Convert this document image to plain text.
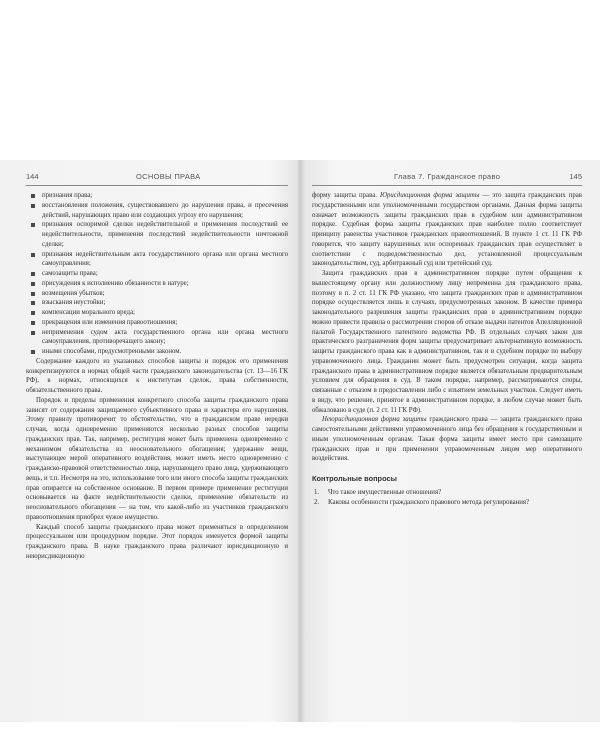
144	ОСНОВЫ ПРАВА
признания права;
восстановления положения, существовавшего до нарушения права, и пресечения действий, нарушающих право или создающих угрозу его нарушения;
признания оспоримой сделки недействительной и применения последствий ее недействительности, применения последствий недействительности ничтожной сделки;
признания недействительным акта государственного органа или органа местного самоуправления;
самозащиты права;
присуждения к исполнению обязанности в натуре;
возмещения убытков;
взыскания неустойки;
компенсации морального вреда;
прекращения или изменения правоотношения;
неприменения судом акта государственного органа или органа местного самоуправления, противоречащего закону;
иными способами, предусмотренными законом.

Содержание каждого из указанных способов защиты и порядок его применения конкретизируются в нормах общей части гражданского законодательства (ст. 13—16 ГК РФ), в нормах, относящихся к институтам сделок, права собственности, обязательственного права.

Порядок и пределы применения конкретного способа защиты гражданского права зависят от содержания защищаемого субъективного права и характера его нарушения. Этому правилу противоречит то обстоятельство, что в гражданском праве нередки случаи, когда одновременно применяются несколько разных способов защиты гражданских прав. Так, например, реституция может быть применена одновременно с механизмом обязательства из неосновательного обогащения; удержание вещи, выступающее мерой оперативного воздействия, может иметь место одновременно с гражданско-правовой ответственностью лица, нарушающего право лица, удерживающего вещь, и т.п. Несмотря на это, использование того или иного способа защиты гражданских прав опирается на собственное основание. В первом примере применение реституции основывается на факте недействительности сделки, применение обязательств из неосновательного обогащения — на том, что какой-либо из участников гражданского правоотношения приобрел чужое имущество.

Каждый способ защиты гражданского права может применяться в определенном процессуальном или процедурном порядке. Этот порядок именуется формой защиты гражданского права. В науке гражданского права различают юрисдикционную и неюрисдикционную

Глава 7. Гражданское право	145

форму защиты права. Юрисдикционная форма защиты — это защита гражданских прав государственными или уполномоченными государством органами. Данная форма защиты означает возможность защиты гражданских прав в судебном или административном порядке. Судебная форма защиты гражданских прав наиболее полно соответствует принципу равенства участников гражданских правоотношений. В пункте 1 ст. 11 ГК РФ говорится, что защиту нарушенных или оспоренных гражданских прав осуществляет в соответствии с подведомственностью дел, установленной процессуальным законодательством, суд, арбитражный суд или третейский суд.

Защита гражданских прав в административном порядке путем обращения к вышестоящему органу или должностному лицу непременна для гражданского права, поэтому в п. 2 ст. 11 ГК РФ указано, что защита гражданских прав в административном порядке осуществляется лишь в случаях, предусмотренных законом. В качестве примера законодательного разрешения защиты гражданских прав в административном порядке можно привести правила о рассмотрении споров об отказе выдачи патентов Апелляционной палатой Государственного патентного ведомства РФ. В отдельных случаях закон для практического разграничения форм защиты предусматривает альтернативную возможность защиты гражданского права как в административном, так и в судебном порядке по выбору управомоченного лица. Гражданин может быть предусмотрен ситуация, когда защита гражданского права в административном порядке является обязательным предварительным условием для обращения в суд. В таком порядке, например, рассматриваются споры, связанные с отказом в предоставлении либо с изъятием земельных участков. Следует иметь в виду, что решение, принятое в административном порядке, в любом случае может быть обжаловано в суде (п. 2 ст. 11 ГК РФ).

Неюрисдикционная форма защиты гражданского права — защита гражданского права самостоятельными действиями управомоченного лица без обращения к государственным и иным уполномоченным органам. Такая форма защиты имеет место при самозащите гражданских прав и при применении управомоченным лицом мер оперативного воздействия.

Контрольные вопросы
1. Что такое имущественные отношения?
2. Каковы особенности гражданского правового метода регулирования?
